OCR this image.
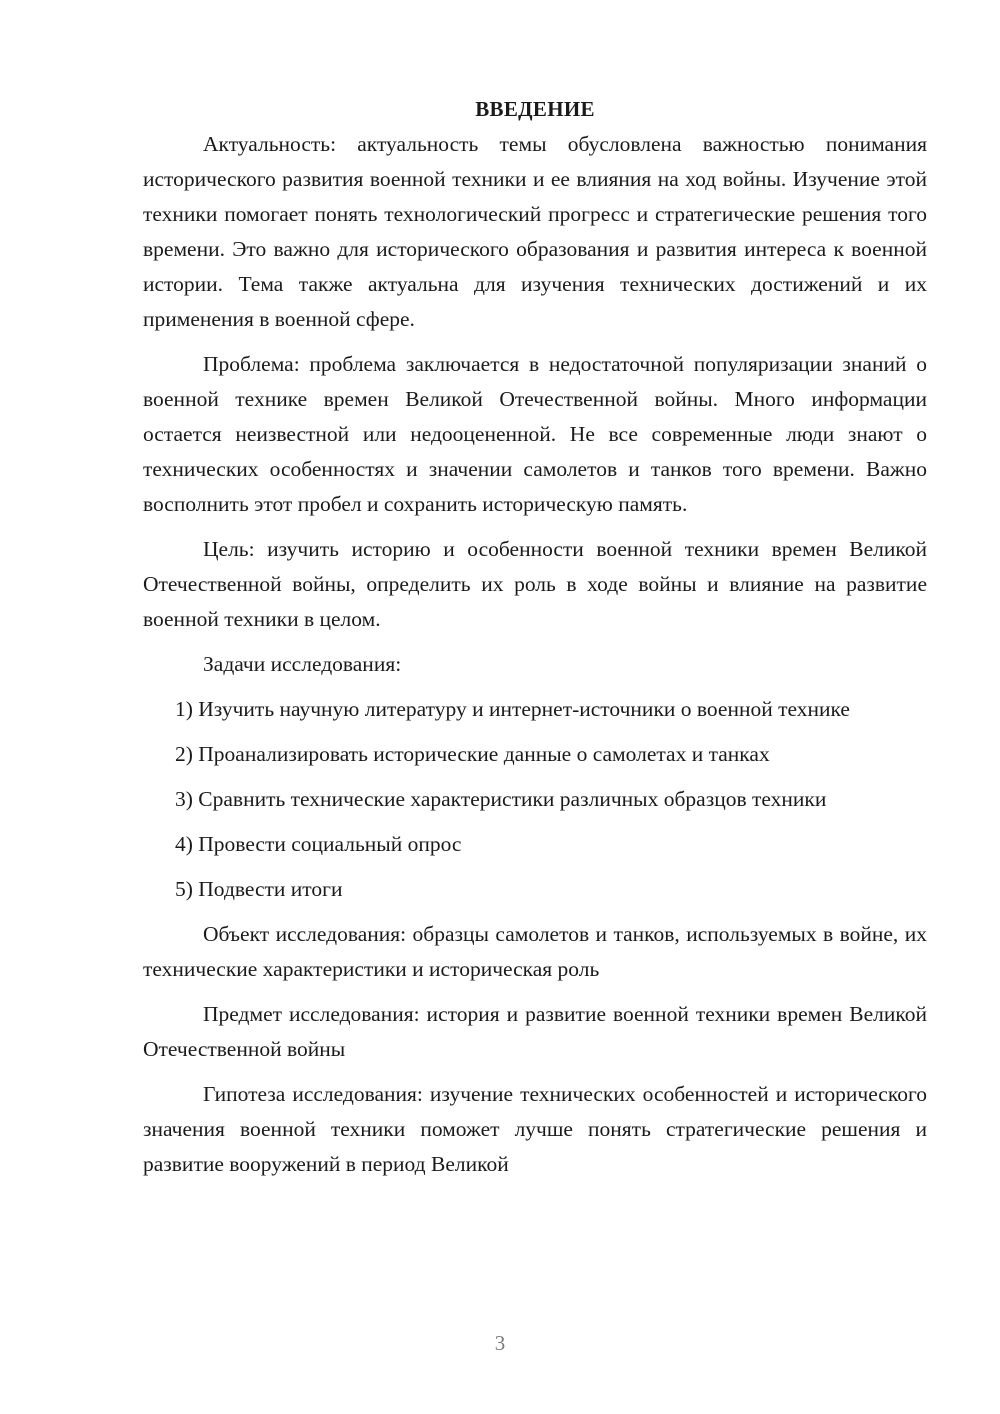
ВВЕДЕНИЕ

Актуальность: актуальность темы обусловлена важностью понимания исторического развития военной техники и ее влияния на ход войны. Изучение этой техники помогает понять технологический прогресс и стратегические решения того времени. Это важно для исторического образования и развития интереса к военной истории. Тема также актуальна для изучения технических достижений и их применения в военной сфере.

Проблема: проблема заключается в недостаточной популяризации знаний о военной технике времен Великой Отечественной войны. Много информации остается неизвестной или недооцененной. Не все современные люди знают о технических особенностях и значении самолетов и танков того времени. Важно восполнить этот пробел и сохранить историческую память.

Цель: изучить историю и особенности военной техники времен Великой Отечественной войны, определить их роль в ходе войны и влияние на развитие военной техники в целом.

Задачи исследования:

1) Изучить научную литературу и интернет-источники о военной технике

2) Проанализировать исторические данные о самолетах и танках

3) Сравнить технические характеристики различных образцов техники

4) Провести социальный опрос

5) Подвести итоги

Объект исследования: образцы самолетов и танков, используемых в войне, их технические характеристики и историческая роль

Предмет исследования: история и развитие военной техники времен Великой Отечественной войны

Гипотеза исследования: изучение технических особенностей и исторического значения военной техники поможет лучше понять стратегические решения и развитие вооружений в период Великой

3
